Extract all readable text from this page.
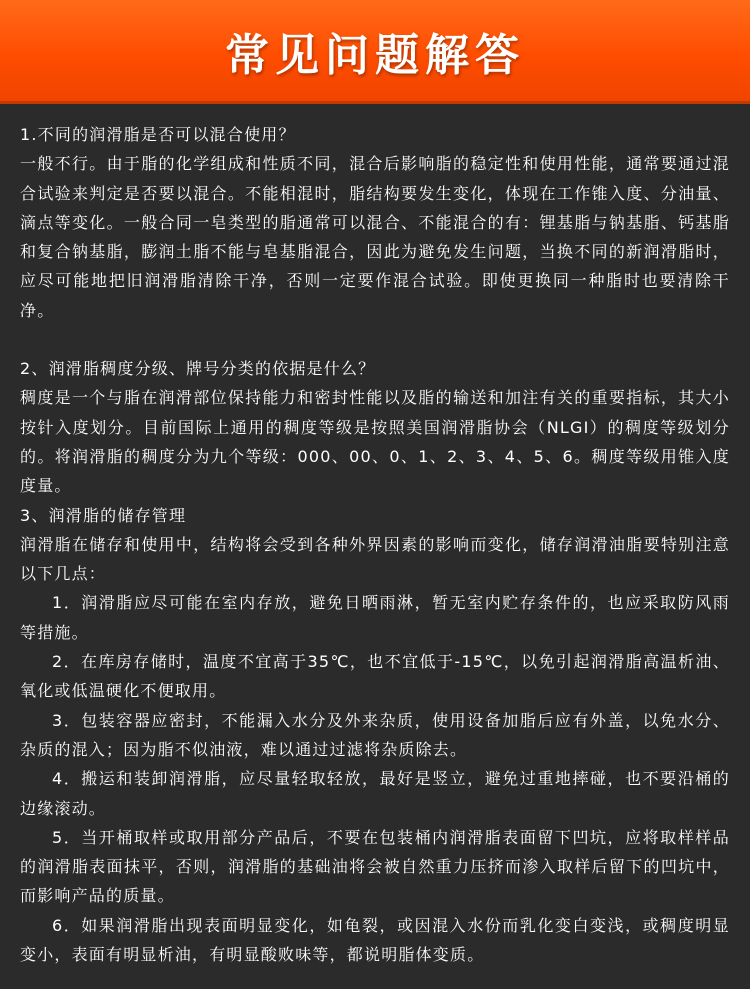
常见问题解答

1.不同的润滑脂是否可以混合使用？

一般不行。由于脂的化学组成和性质不同，混合后影响脂的稳定性和使用性能，通常要通过混合试验来判定是否要以混合。不能相混时，脂结构要发生变化，体现在工作锥入度、分油量、滴点等变化。一般合同一皂类型的脂通常可以混合、不能混合的有：锂基脂与钠基脂、钙基脂和复合钠基脂，膨润土脂不能与皂基脂混合，因此为避免发生问题，当换不同的新润滑脂时，应尽可能地把旧润滑脂清除干净，否则一定要作混合试验。即使更换同一种脂时也要清除干净。

2、润滑脂稠度分级、牌号分类的依据是什么？

稠度是一个与脂在润滑部位保持能力和密封性能以及脂的输送和加注有关的重要指标，其大小按针入度划分。目前国际上通用的稠度等级是按照美国润滑脂协会（NLGI）的稠度等级划分的。将润滑脂的稠度分为九个等级：000、00、0、1、2、3、4、5、6。稠度等级用锥入度度量。

3、润滑脂的储存管理

润滑脂在储存和使用中，结构将会受到各种外界因素的影响而变化，储存润滑油脂要特别注意以下几点：

1．润滑脂应尽可能在室内存放，避免日晒雨淋，暂无室内贮存条件的，也应采取防风雨等措施。

2．在库房存储时，温度不宜高于35℃，也不宜低于-15℃，以免引起润滑脂高温析油、氧化或低温硬化不便取用。

3．包装容器应密封，不能漏入水分及外来杂质，使用设备加脂后应有外盖，以免水分、杂质的混入；因为脂不似油液，难以通过过滤将杂质除去。

4．搬运和装卸润滑脂，应尽量轻取轻放，最好是竖立，避免过重地摔碰，也不要沿桶的边缘滚动。

5．当开桶取样或取用部分产品后，不要在包装桶内润滑脂表面留下凹坑，应将取样样品的润滑脂表面抹平，否则，润滑脂的基础油将会被自然重力压挤而渗入取样后留下的凹坑中，而影响产品的质量。

6．如果润滑脂出现表面明显变化，如龟裂，或因混入水份而乳化变白变浅，或稠度明显变小，表面有明显析油，有明显酸败味等，都说明脂体变质。
